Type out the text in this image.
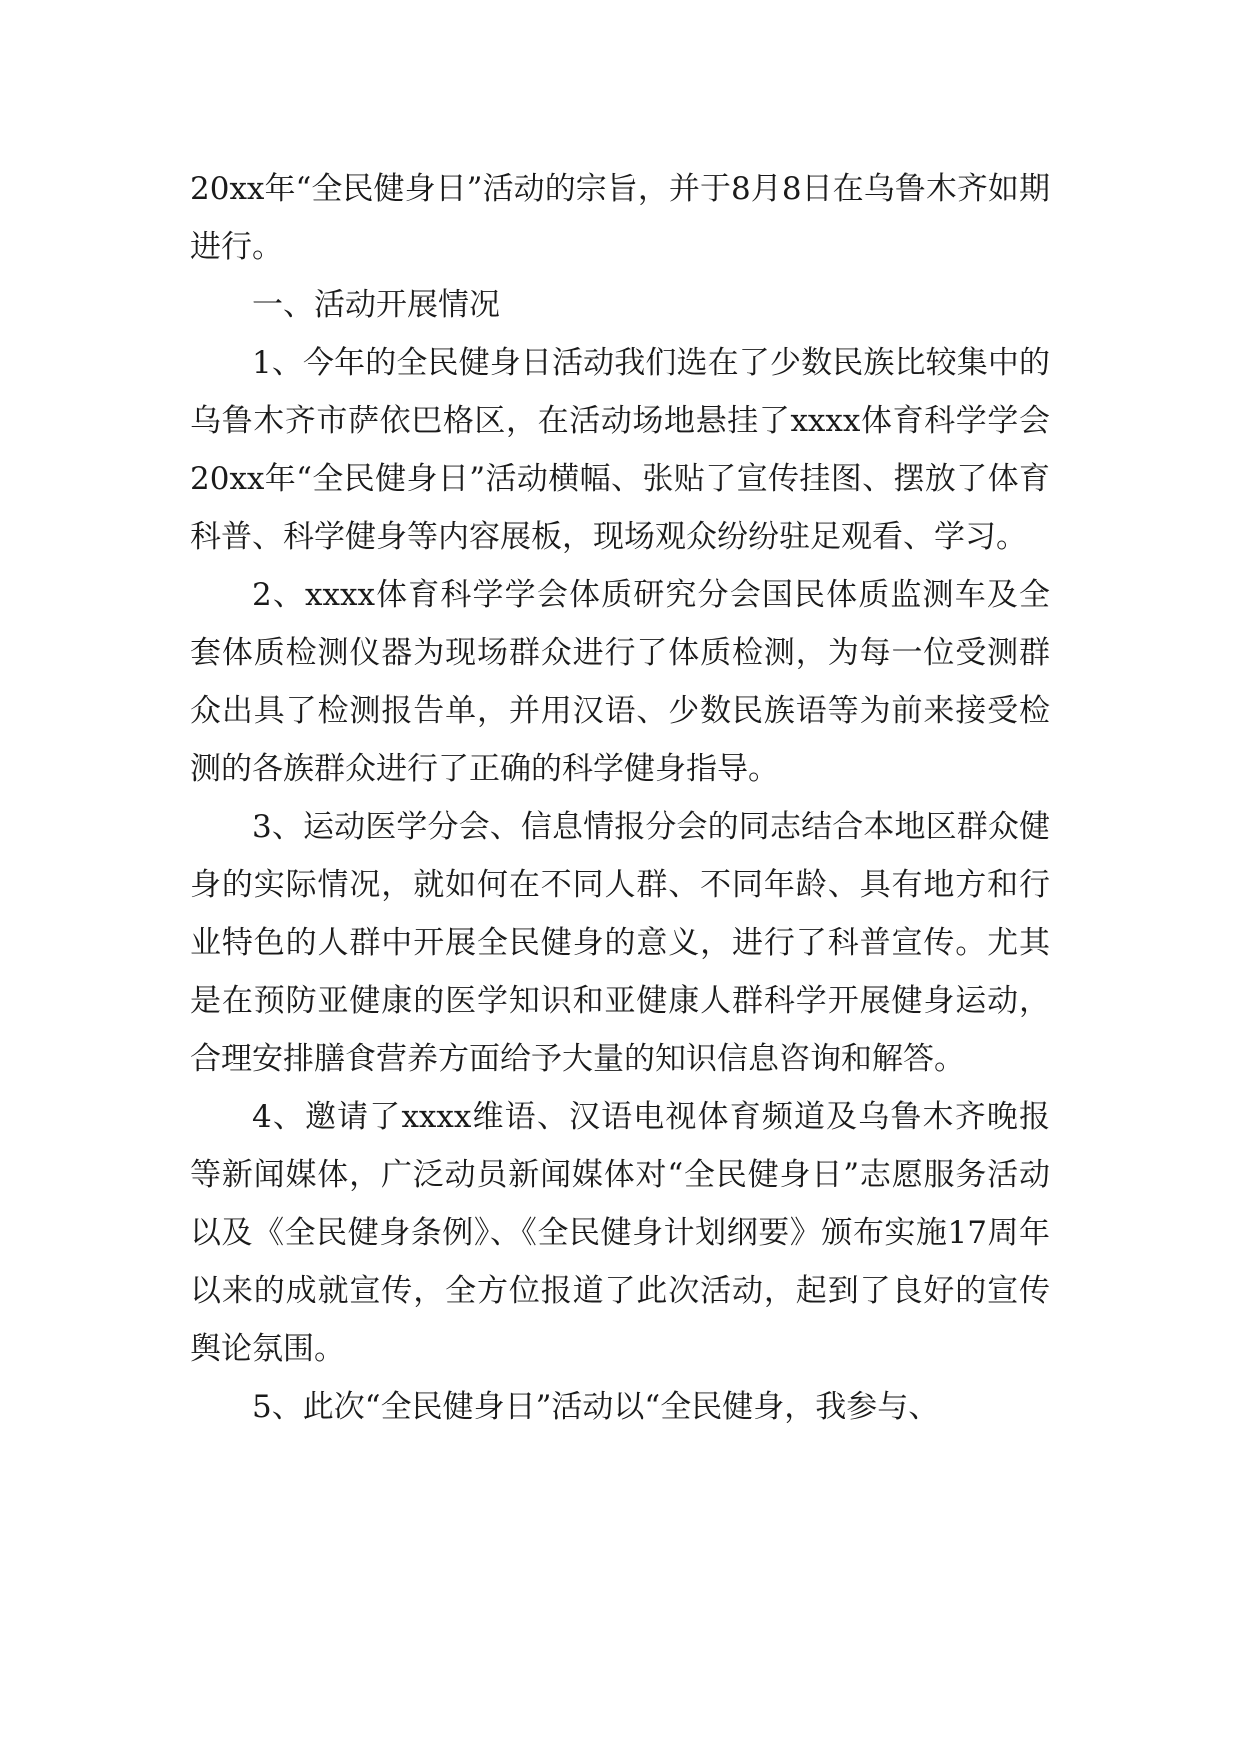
20xx年“全民健身日”活动的宗旨，并于8月8日在乌鲁木齐如期进行。

一、活动开展情况

1、今年的全民健身日活动我们选在了少数民族比较集中的乌鲁木齐市萨依巴格区，在活动场地悬挂了xxxx体育科学学会20xx年“全民健身日”活动横幅、张贴了宣传挂图、摆放了体育科普、科学健身等内容展板，现场观众纷纷驻足观看、学习。

2、xxxx体育科学学会体质研究分会国民体质监测车及全套体质检测仪器为现场群众进行了体质检测，为每一位受测群众出具了检测报告单，并用汉语、少数民族语等为前来接受检测的各族群众进行了正确的科学健身指导。

3、运动医学分会、信息情报分会的同志结合本地区群众健身的实际情况，就如何在不同人群、不同年龄、具有地方和行业特色的人群中开展全民健身的意义，进行了科普宣传。尤其是在预防亚健康的医学知识和亚健康人群科学开展健身运动，合理安排膳食营养方面给予大量的知识信息咨询和解答。

4、邀请了xxxx维语、汉语电视体育频道及乌鲁木齐晚报等新闻媒体，广泛动员新闻媒体对“全民健身日”志愿服务活动以及《全民健身条例》、《全民健身计划纲要》颁布实施17周年以来的成就宣传，全方位报道了此次活动，起到了良好的宣传舆论氛围。

5、此次“全民健身日”活动以“全民健身，我参与、
